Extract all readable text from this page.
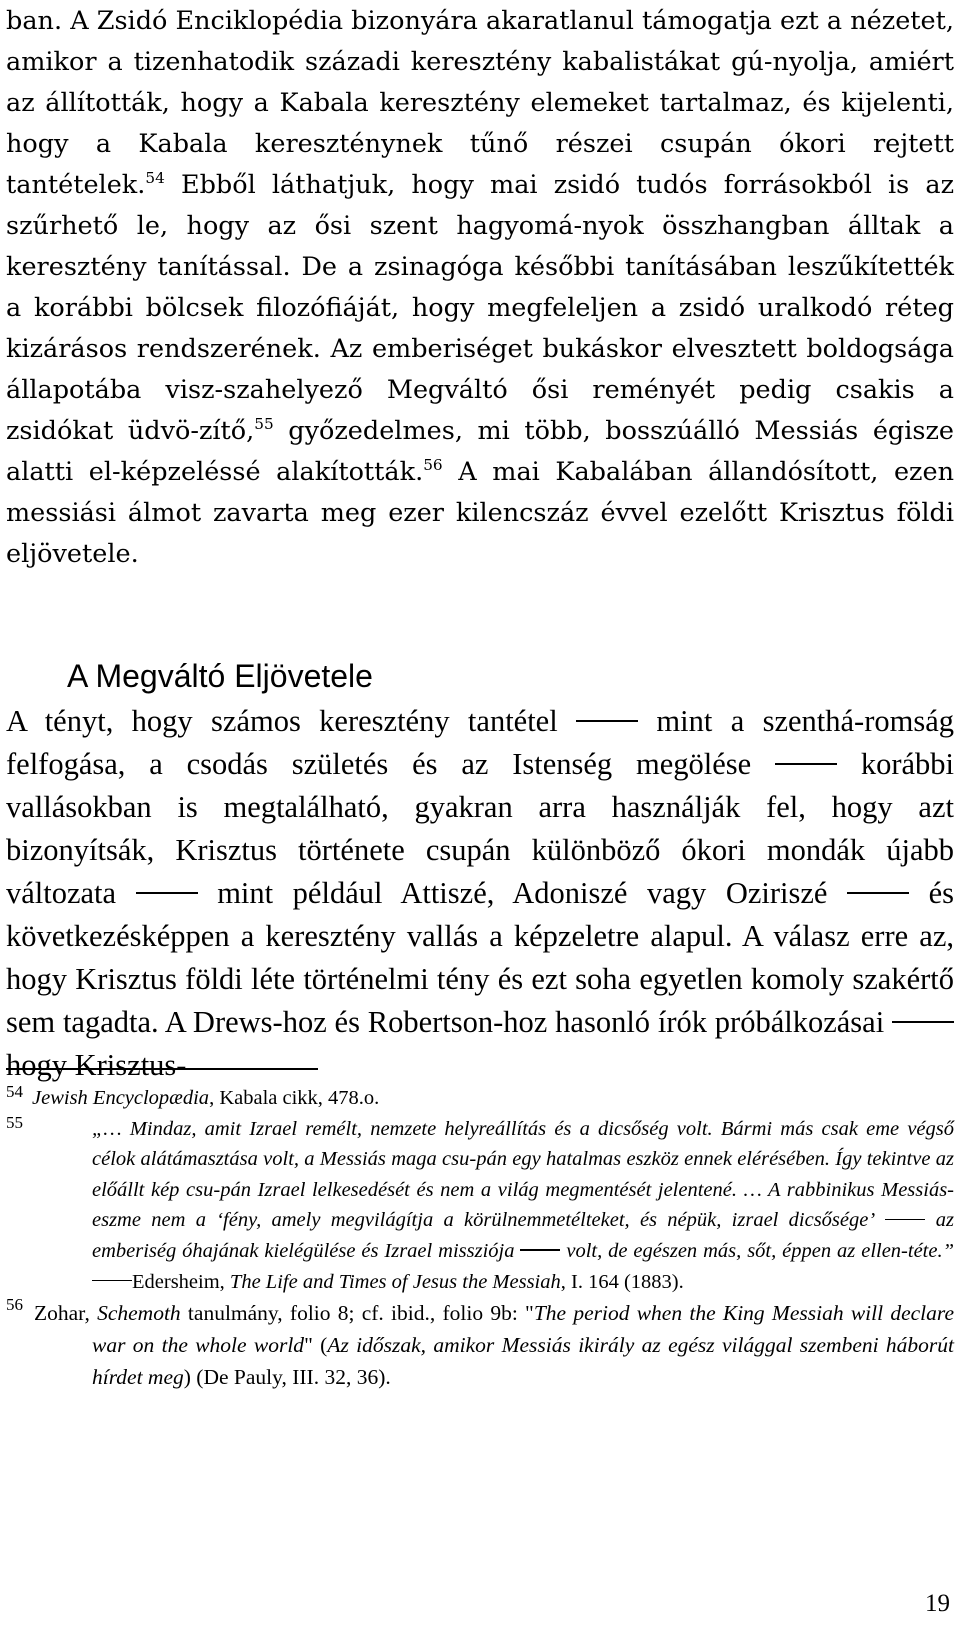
ban. A Zsidó Enciklopédia bizonyára akaratlanul támogatja ezt a nézetet, amikor a tizenhatodik századi keresztény kabalistákat gú-nyolja, amiért az állították, hogy a Kabala keresztény elemeket tartalmaz, és kijelenti, hogy a Kabala kereszténynek tűnő részei csupán ókori rejtett tantételek.$^{54}$ Ebből láthatjuk, hogy mai zsidó tudós forrásokból is az szűrhető le, hogy az ősi szent hagyomá-nyok összhangban álltak a keresztény tanítással. De a zsinagóga későbbi tanításában leszűkítették a korábbi bölcsek filozófiáját, hogy megfeleljen a zsidó uralkodó réteg kizárásos rendszerének. Az emberiséget bukáskor elvesztett boldogsága állapotába visz-szahelyező Megváltó ősi reményét pedig csakis a zsidókat üdvö-zítő,$^{55}$ győzedelmes, mi több, bosszúálló Messiás égisze alatti el-képzeléssé alakították.$^{56}$ A mai Kabalában állandósított, ezen messiási álmot zavarta meg ezer kilencszáz évvel ezelőtt Krisztus földi eljövetele.

A Megváltó Eljövetele

A tényt, hogy számos keresztény tantétel	mint a szenthá-romság felfogása, a csodás születés és az Istenség megölése	korábbi vallásokban is megtalálható, gyakran arra használják fel, hogy azt bizonyítsák, Krisztus története csupán különböző ókori mondák újabb változata	mint például Attiszé, Adoniszé vagy Oziriszé	és következésképpen a keresztény vallás a képzeletre alapul. A válasz erre az, hogy Krisztus földi léte történelmi tény és ezt soha egyetlen komoly szakértő sem tagadta. A Drews-hoz és Robertson-hoz hasonló írók próbálkozásai  hogy Krisztus-

54 Jewish Encyclopædia, Kabala cikk, 478.o.

55	„… Mindaz, amit Izrael remélt, nemzete helyreállítás és a dicsőség volt. Bármi más csak eme végső célok alátámasztása volt, a Messiás maga csu-pán egy hatalmas eszköz ennek elérésében. Így tekintve az előállt kép csu-pán Izrael lelkesedését és nem a világ megmentését jelentené. … A rabbinikus Messiás-eszme nem a ‘fény, amely megvilágítja a körülnemmetélteket, és népük, izrael dicsősége’	az emberiség óhajának kielégülése és Izrael missziója	volt, de egészen más, sőt, éppen az ellen-téte.” Edersheim, The Life and Times of Jesus the Messiah, I. 164 (1883).

56 Zohar, Schemoth tanulmány, folio 8; cf. ibid., folio 9b: "The period when the King Messiah will declare war on the whole world" (Az időszak, amikor Messiás ikirály az egész világgal szembeni háborút hírdet meg) (De Pauly, III. 32, 36).

19
